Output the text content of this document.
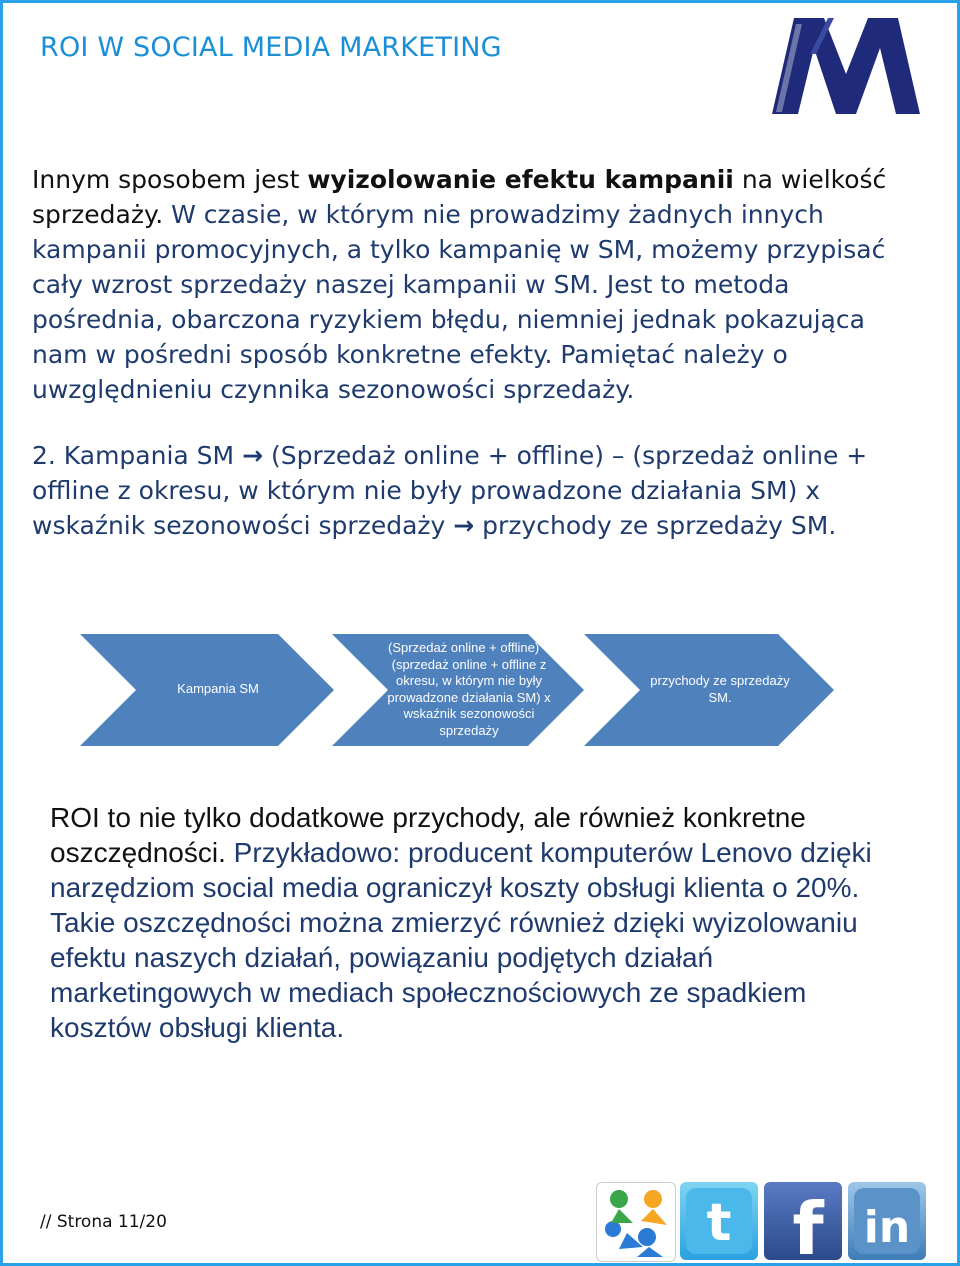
ROI W SOCIAL MEDIA MARKETING
Innym sposobem jest wyizolowanie efektu kampanii na wielkość sprzedaży. W czasie, w którym nie prowadzimy żadnych innych kampanii promocyjnych, a tylko kampanię w SM, możemy przypisać cały wzrost sprzedaży naszej kampanii w SM. Jest to metoda pośrednia, obarczona ryzykiem błędu, niemniej jednak pokazująca nam w pośredni sposób konkretne efekty. Pamiętać należy o uwzględnieniu czynnika sezonowości sprzedaży.
2. Kampania SM → (Sprzedaż online + offline) – (sprzedaż online + offline z okresu, w którym nie były prowadzone działania SM) x wskaźnik sezonowości sprzedaży → przychody ze sprzedaży SM.
Kampania SM
(Sprzedaż online + offline) – (sprzedaż online + offline z okresu, w którym nie były prowadzone działania SM) x wskaźnik sezonowości sprzedaży
przychody ze sprzedaży SM.
ROI to nie tylko dodatkowe przychody, ale również konkretne oszczędności. Przykładowo: producent komputerów Lenovo dzięki narzędziom social media ograniczył koszty obsługi klienta o 20%. Takie oszczędności można zmierzyć również dzięki wyizolowaniu efektu naszych działań, powiązaniu podjętych działań marketingowych w mediach społecznościowych ze spadkiem kosztów obsługi klienta.
// Strona 11/20	t f in
